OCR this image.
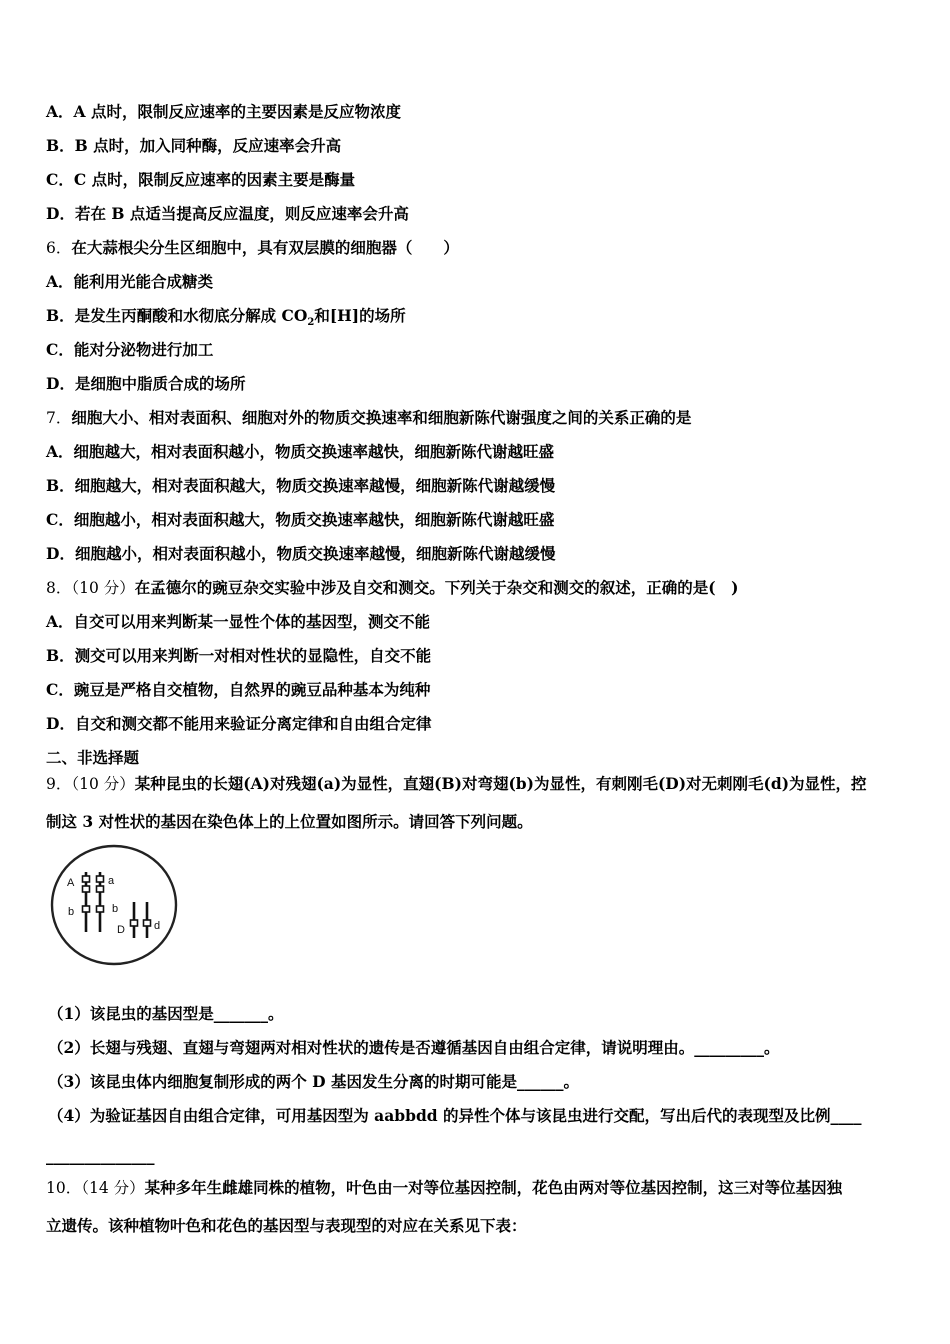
A．A 点时，限制反应速率的主要因素是反应物浓度
B．B 点时，加入同种酶，反应速率会升高
C．C 点时，限制反应速率的因素主要是酶量
D．若在 B 点适当提高反应温度，则反应速率会升高
6．在大蒜根尖分生区细胞中，具有双层膜的细胞器（　　）
A．能利用光能合成糖类
B．是发生丙酮酸和水彻底分解成 $CO_2$和[H]的场所
C．能对分泌物进行加工
D．是细胞中脂质合成的场所
7．细胞大小、相对表面积、细胞对外的物质交换速率和细胞新陈代谢强度之间的关系正确的是
A．细胞越大，相对表面积越小，物质交换速率越快，细胞新陈代谢越旺盛
B．细胞越大，相对表面积越大，物质交换速率越慢，细胞新陈代谢越缓慢
C．细胞越小，相对表面积越大，物质交换速率越快，细胞新陈代谢越旺盛
D．细胞越小，相对表面积越小，物质交换速率越慢，细胞新陈代谢越缓慢
8．（10 分）在孟德尔的豌豆杂交实验中涉及自交和测交。下列关于杂交和测交的叙述，正确的是(　)
A．自交可以用来判断某一显性个体的基因型，测交不能
B．测交可以用来判断一对相对性状的显隐性，自交不能
C．豌豆是严格自交植物，自然界的豌豆品种基本为纯种
D．自交和测交都不能用来验证分离定律和自由组合定律
二、非选择题
9．（10 分）某种昆虫的长翅(A)对残翅(a)为显性，直翅(B)对弯翅(b)为显性，有刺刚毛(D)对无刺刚毛(d)为显性，控
制这 3 对性状的基因在染色体上的上位置如图所示。请回答下列问题。
A	a
b	b
D	d
（1）该昆虫的基因型是_______。
（2）长翅与残翅、直翅与弯翅两对相对性状的遗传是否遵循基因自由组合定律，请说明理由。_________。
（3）该昆虫体内细胞复制形成的两个 D 基因发生分离的时期可能是______。
（4）为验证基因自由组合定律，可用基因型为 aabbdd 的异性个体与该昆虫进行交配，写出后代的表现型及比例____
______________
10．（14 分）某种多年生雌雄同株的植物，叶色由一对等位基因控制，花色由两对等位基因控制，这三对等位基因独
立遗传。该种植物叶色和花色的基因型与表现型的对应在关系见下表：
